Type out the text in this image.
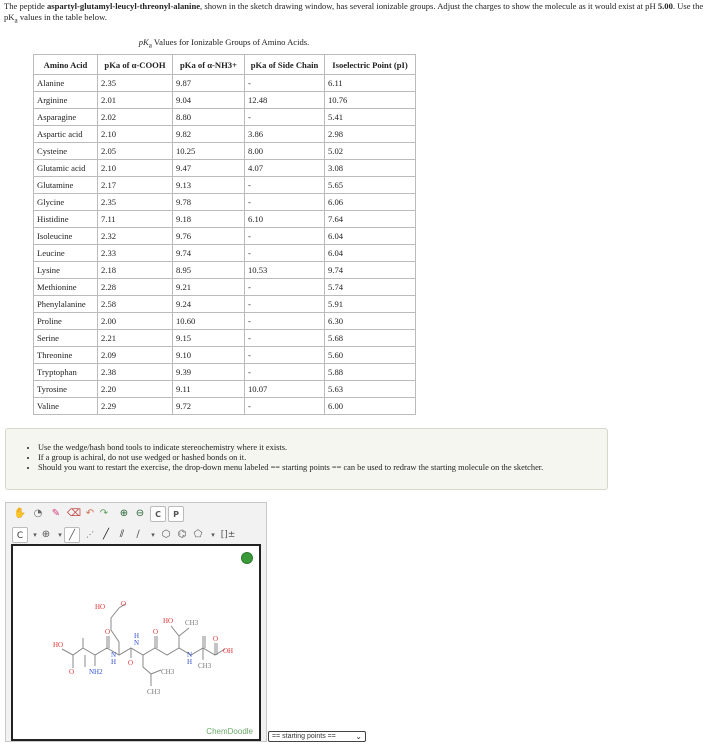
The peptide aspartyl-glutamyl-leucyl-threonyl-alanine, shown in the sketch drawing window, has several ionizable groups. Adjust the charges to show the molecule as it would exist at pH 5.00. Use the $pK_a$ values in the table below.
$pK_a$ Values for Ionizable Groups of Amino Acids.
Amino Acid	pKa of α-COOH	pKa of α-NH3+	pKa of Side Chain	Isoelectric Point (pI)
Alanine	2.35	9.87	-	6.11
Arginine	2.01	9.04	12.48	10.76
Asparagine	2.02	8.80	-	5.41
Aspartic acid	2.10	9.82	3.86	2.98
Cysteine	2.05	10.25	8.00	5.02
Glutamic acid	2.10	9.47	4.07	3.08
Glutamine	2.17	9.13	-	5.65
Glycine	2.35	9.78	-	6.06
Histidine	7.11	9.18	6.10	7.64
Isoleucine	2.32	9.76	-	6.04
Leucine	2.33	9.74	-	6.04
Lysine	2.18	8.95	10.53	9.74
Methionine	2.28	9.21	-	5.74
Phenylalanine	2.58	9.24	-	5.91
Proline	2.00	10.60	-	6.30
Serine	2.21	9.15	-	5.68
Threonine	2.09	9.10	-	5.60
Tryptophan	2.38	9.39	-	5.88
Tyrosine	2.20	9.11	10.07	5.63
Valine	2.29	9.72	-	6.00
• Use the wedge/hash bond tools to indicate stereochemistry where it exists.
• If a group is achiral, do not use wedged or hashed bonds on it.
• Should you want to restart the exercise, the drop-down menu labeled == starting points == can be used to redraw the starting molecule on the sketcher.
✋ ◔ ✎ ⌫ ↶ ↷	⊕ ⊖	C	P
C	▾ ⊕	▾ ╱	⋰ ╱	⫽	∕	▾ ⬡ ⌬ ⬠	▾ []±
HO O
HO CH3
HO
O NH2
O
H
N
O
H
N
O
H
N
O
OH
CH3
CH3
CH3
ChemDoodle
== starting points == ⌄
